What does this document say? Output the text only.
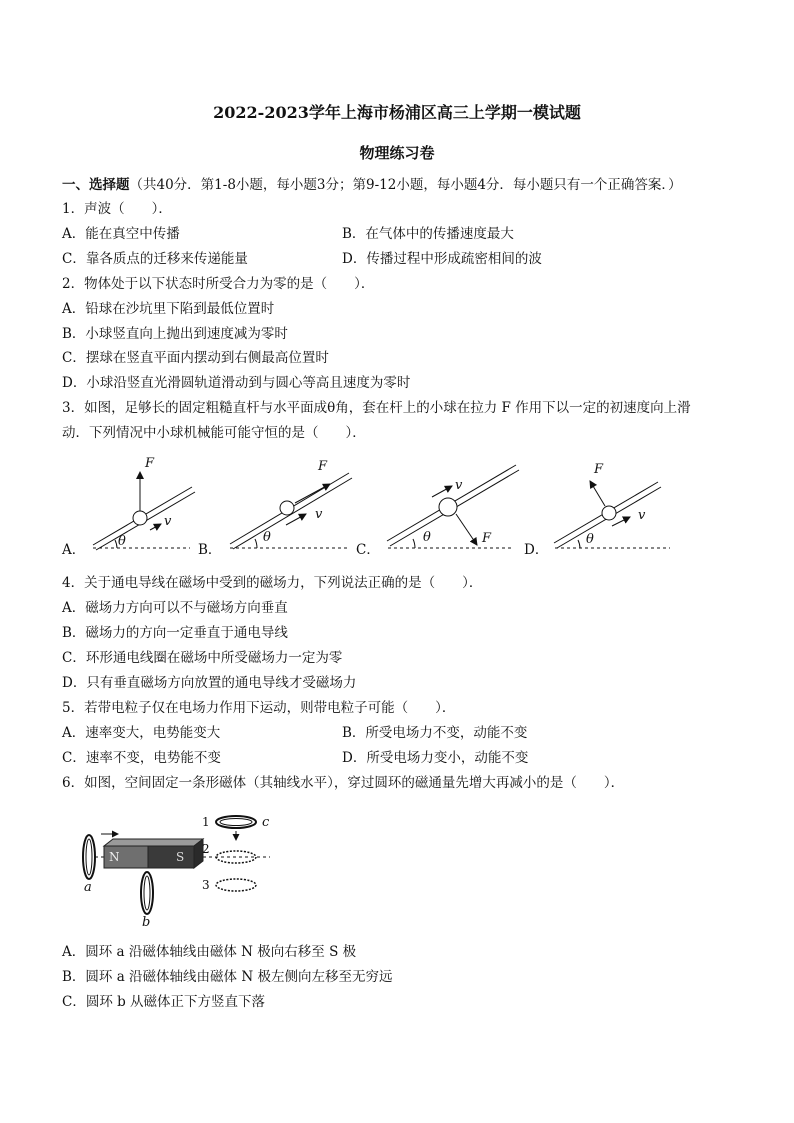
2022-2023学年上海市杨浦区高三上学期一模试题
物理练习卷
一、选择题（共40分．第1-8小题，每小题3分；第9-12小题，每小题4分．每小题只有一个正确答案．）
1．声波（　　）．
A．能在真空中传播	B．在气体中的传播速度最大
C．靠各质点的迁移来传递能量	D．传播过程中形成疏密相间的波
2．物体处于以下状态时所受合力为零的是（　　）．
A．铅球在沙坑里下陷到最低位置时
B．小球竖直向上抛出到速度减为零时
C．摆球在竖直平面内摆动到右侧最高位置时
D．小球沿竖直光滑圆轨道滑动到与圆心等高且速度为零时
3．如图，足够长的固定粗糙直杆与水平面成θ角，套在杆上的小球在拉力 F 作用下以一定的初速度向上滑
动．下列情况中小球机械能可能守恒的是（　　）．
A．	B．	C．	D．
F
v
θ
F
v
θ	F
v
θ
F
v
θ
4．关于通电导线在磁场中受到的磁场力，下列说法正确的是（　　）．
A．磁场力方向可以不与磁场方向垂直
B．磁场力的方向一定垂直于通电导线
C．环形通电线圈在磁场中所受磁场力一定为零
D．只有垂直磁场方向放置的通电导线才受磁场力
5．若带电粒子仅在电场力作用下运动，则带电粒子可能（　　）．
A．速率变大，电势能变大	B．所受电场力不变，动能不变
C．速率不变，电势能不变	D．所受电场力变小，动能不变
6．如图，空间固定一条形磁体（其轴线水平），穿过圆环的磁通量先增大再减小的是（　　）．
a
N	S
b
c
1
2
3
A．圆环 a 沿磁体轴线由磁体 N 极向右移至 S 极
B．圆环 a 沿磁体轴线由磁体 N 极左侧向左移至无穷远
C．圆环 b 从磁体正下方竖直下落
